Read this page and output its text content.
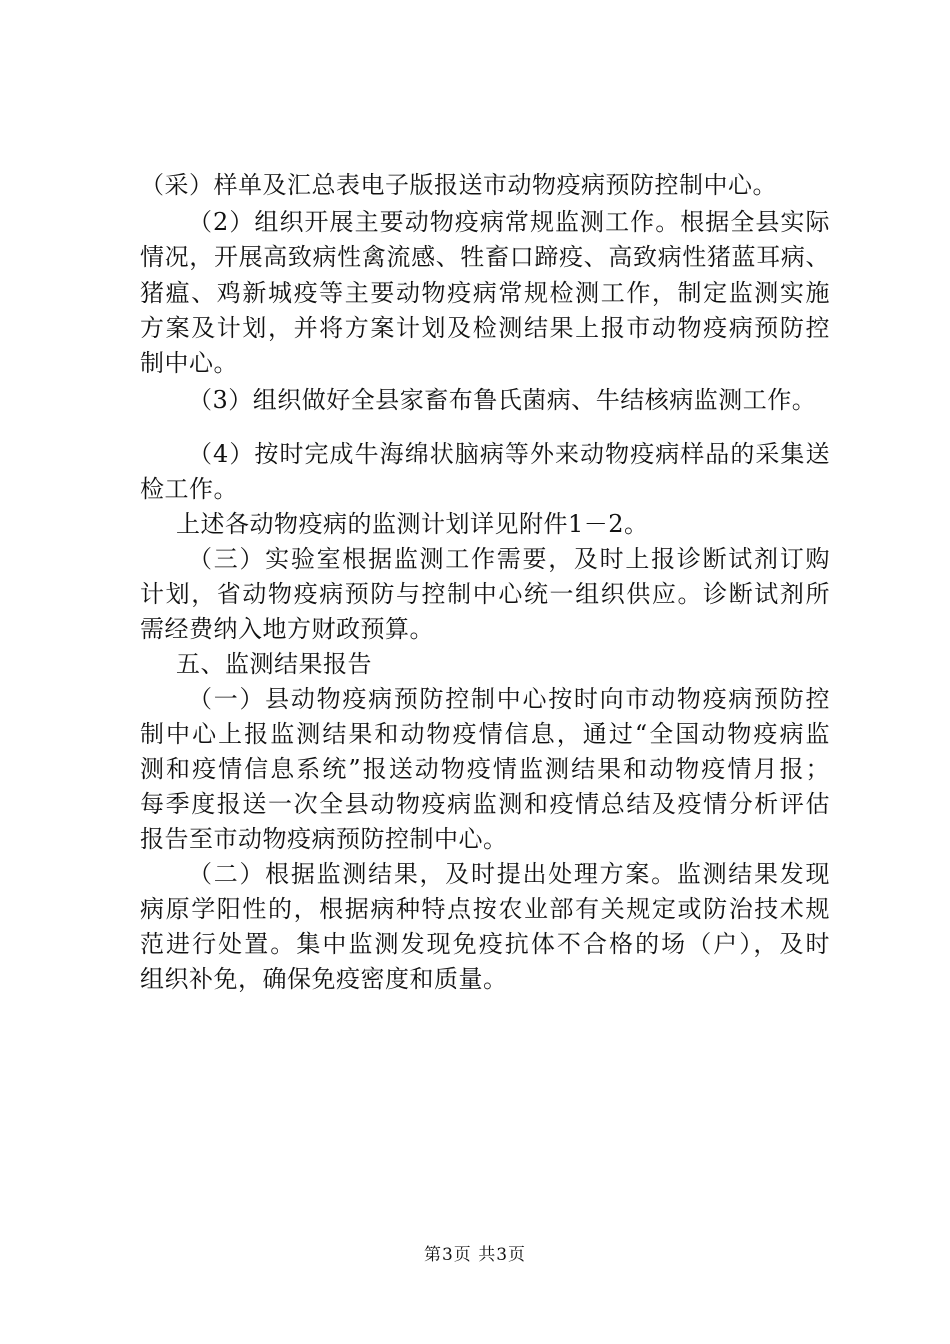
（采）样单及汇总表电子版报送市动物疫病预防控制中心。
（2）组织开展主要动物疫病常规监测工作。根据全县实际
情况，开展高致病性禽流感、牲畜口蹄疫、高致病性猪蓝耳病、
猪瘟、鸡新城疫等主要动物疫病常规检测工作，制定监测实施
方案及计划，并将方案计划及检测结果上报市动物疫病预防控
制中心。
（3）组织做好全县家畜布鲁氏菌病、牛结核病监测工作。
（4）按时完成牛海绵状脑病等外来动物疫病样品的采集送
检工作。
上述各动物疫病的监测计划详见附件1－2。
（三）实验室根据监测工作需要，及时上报诊断试剂订购
计划，省动物疫病预防与控制中心统一组织供应。诊断试剂所
需经费纳入地方财政预算。
五、监测结果报告
（一）县动物疫病预防控制中心按时向市动物疫病预防控
制中心上报监测结果和动物疫情信息，通过“全国动物疫病监
测和疫情信息系统”报送动物疫情监测结果和动物疫情月报；
每季度报送一次全县动物疫病监测和疫情总结及疫情分析评估
报告至市动物疫病预防控制中心。
（二）根据监测结果，及时提出处理方案。监测结果发现
病原学阳性的，根据病种特点按农业部有关规定或防治技术规
范进行处置。集中监测发现免疫抗体不合格的场（户），及时
组织补免，确保免疫密度和质量。
第3页 共3页
